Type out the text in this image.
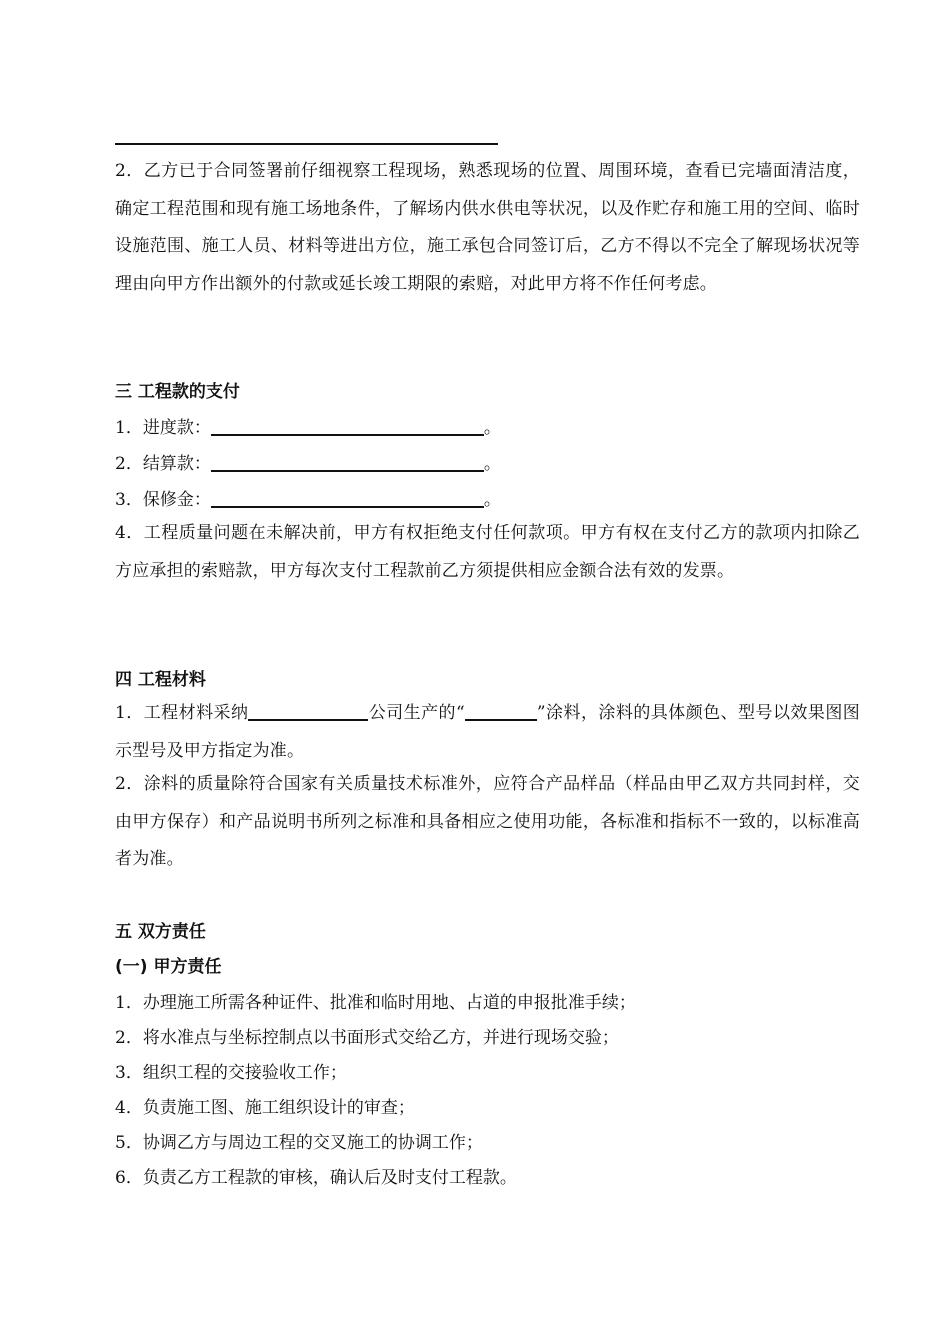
2．乙方已于合同签署前仔细视察工程现场，熟悉现场的位置、周围环境，查看已完墙面清洁度，确定工程范围和现有施工场地条件，了解场内供水供电等状况，以及作贮存和施工用的空间、临时设施范围、施工人员、材料等进出方位，施工承包合同签订后，乙方不得以不完全了解现场状况等理由向甲方作出额外的付款或延长竣工期限的索赔，对此甲方将不作任何考虑。
三 工程款的支付
1．进度款：	。
2．结算款：	。
3．保修金：	。
4．工程质量问题在未解决前，甲方有权拒绝支付任何款项。甲方有权在支付乙方的款项内扣除乙方应承担的索赔款，甲方每次支付工程款前乙方须提供相应金额合法有效的发票。
四 工程材料
1．工程材料采纳	公司生产的“	”涂料，涂料的具体颜色、型号以效果图图示型号及甲方指定为准。
2．涂料的质量除符合国家有关质量技术标准外，应符合产品样品（样品由甲乙双方共同封样，交由甲方保存）和产品说明书所列之标准和具备相应之使用功能，各标准和指标不一致的，以标准高者为准。
五 双方责任
(一) 甲方责任
1．办理施工所需各种证件、批准和临时用地、占道的申报批准手续；
2．将水准点与坐标控制点以书面形式交给乙方，并进行现场交验；
3．组织工程的交接验收工作；
4．负责施工图、施工组织设计的审查；
5．协调乙方与周边工程的交叉施工的协调工作；
6．负责乙方工程款的审核，确认后及时支付工程款。
